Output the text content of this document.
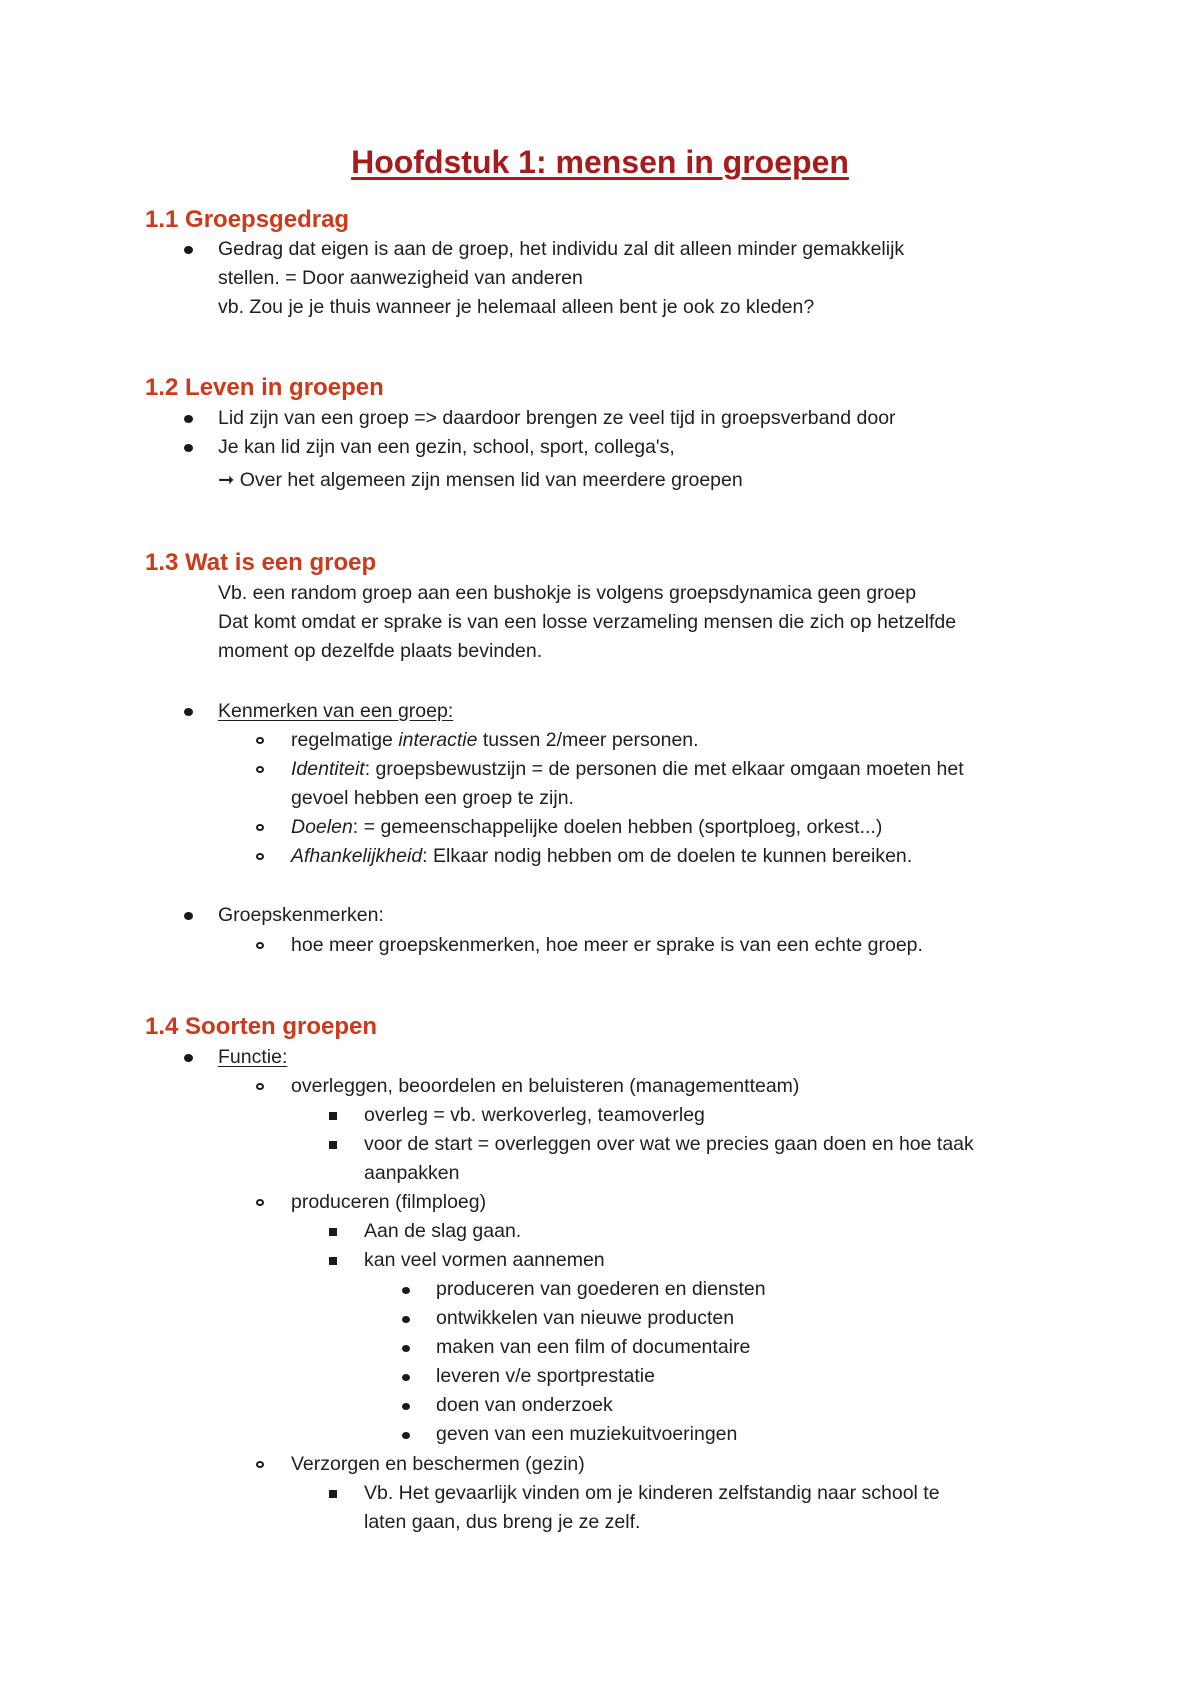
Hoofdstuk 1: mensen in groepen
1.1 Groepsgedrag
Gedrag dat eigen is aan de groep, het individu zal dit alleen minder gemakkelijk
stellen. = Door aanwezigheid van anderen
vb. Zou je je thuis wanneer je helemaal alleen bent je ook zo kleden?
1.2 Leven in groepen
Lid zijn van een groep => daardoor brengen ze veel tijd in groepsverband door
Je kan lid zijn van een gezin, school, sport, collega's,
➞ Over het algemeen zijn mensen lid van meerdere groepen
1.3 Wat is een groep
Vb. een random groep aan een bushokje is volgens groepsdynamica geen groep
Dat komt omdat er sprake is van een losse verzameling mensen die zich op hetzelfde
moment op dezelfde plaats bevinden.
Kenmerken van een groep:
regelmatige interactie tussen 2/meer personen.
Identiteit: groepsbewustzijn = de personen die met elkaar omgaan moeten het
gevoel hebben een groep te zijn.
Doelen: = gemeenschappelijke doelen hebben (sportploeg, orkest...)
Afhankelijkheid: Elkaar nodig hebben om de doelen te kunnen bereiken.
Groepskenmerken:
hoe meer groepskenmerken, hoe meer er sprake is van een echte groep.
1.4 Soorten groepen
Functie:
overleggen, beoordelen en beluisteren (managementteam)
overleg = vb. werkoverleg, teamoverleg
voor de start = overleggen over wat we precies gaan doen en hoe taak
aanpakken
produceren (filmploeg)
Aan de slag gaan.
kan veel vormen aannemen
produceren van goederen en diensten
ontwikkelen van nieuwe producten
maken van een film of documentaire
leveren v/e sportprestatie
doen van onderzoek
geven van een muziekuitvoeringen
Verzorgen en beschermen (gezin)
Vb. Het gevaarlijk vinden om je kinderen zelfstandig naar school te
laten gaan, dus breng je ze zelf.
